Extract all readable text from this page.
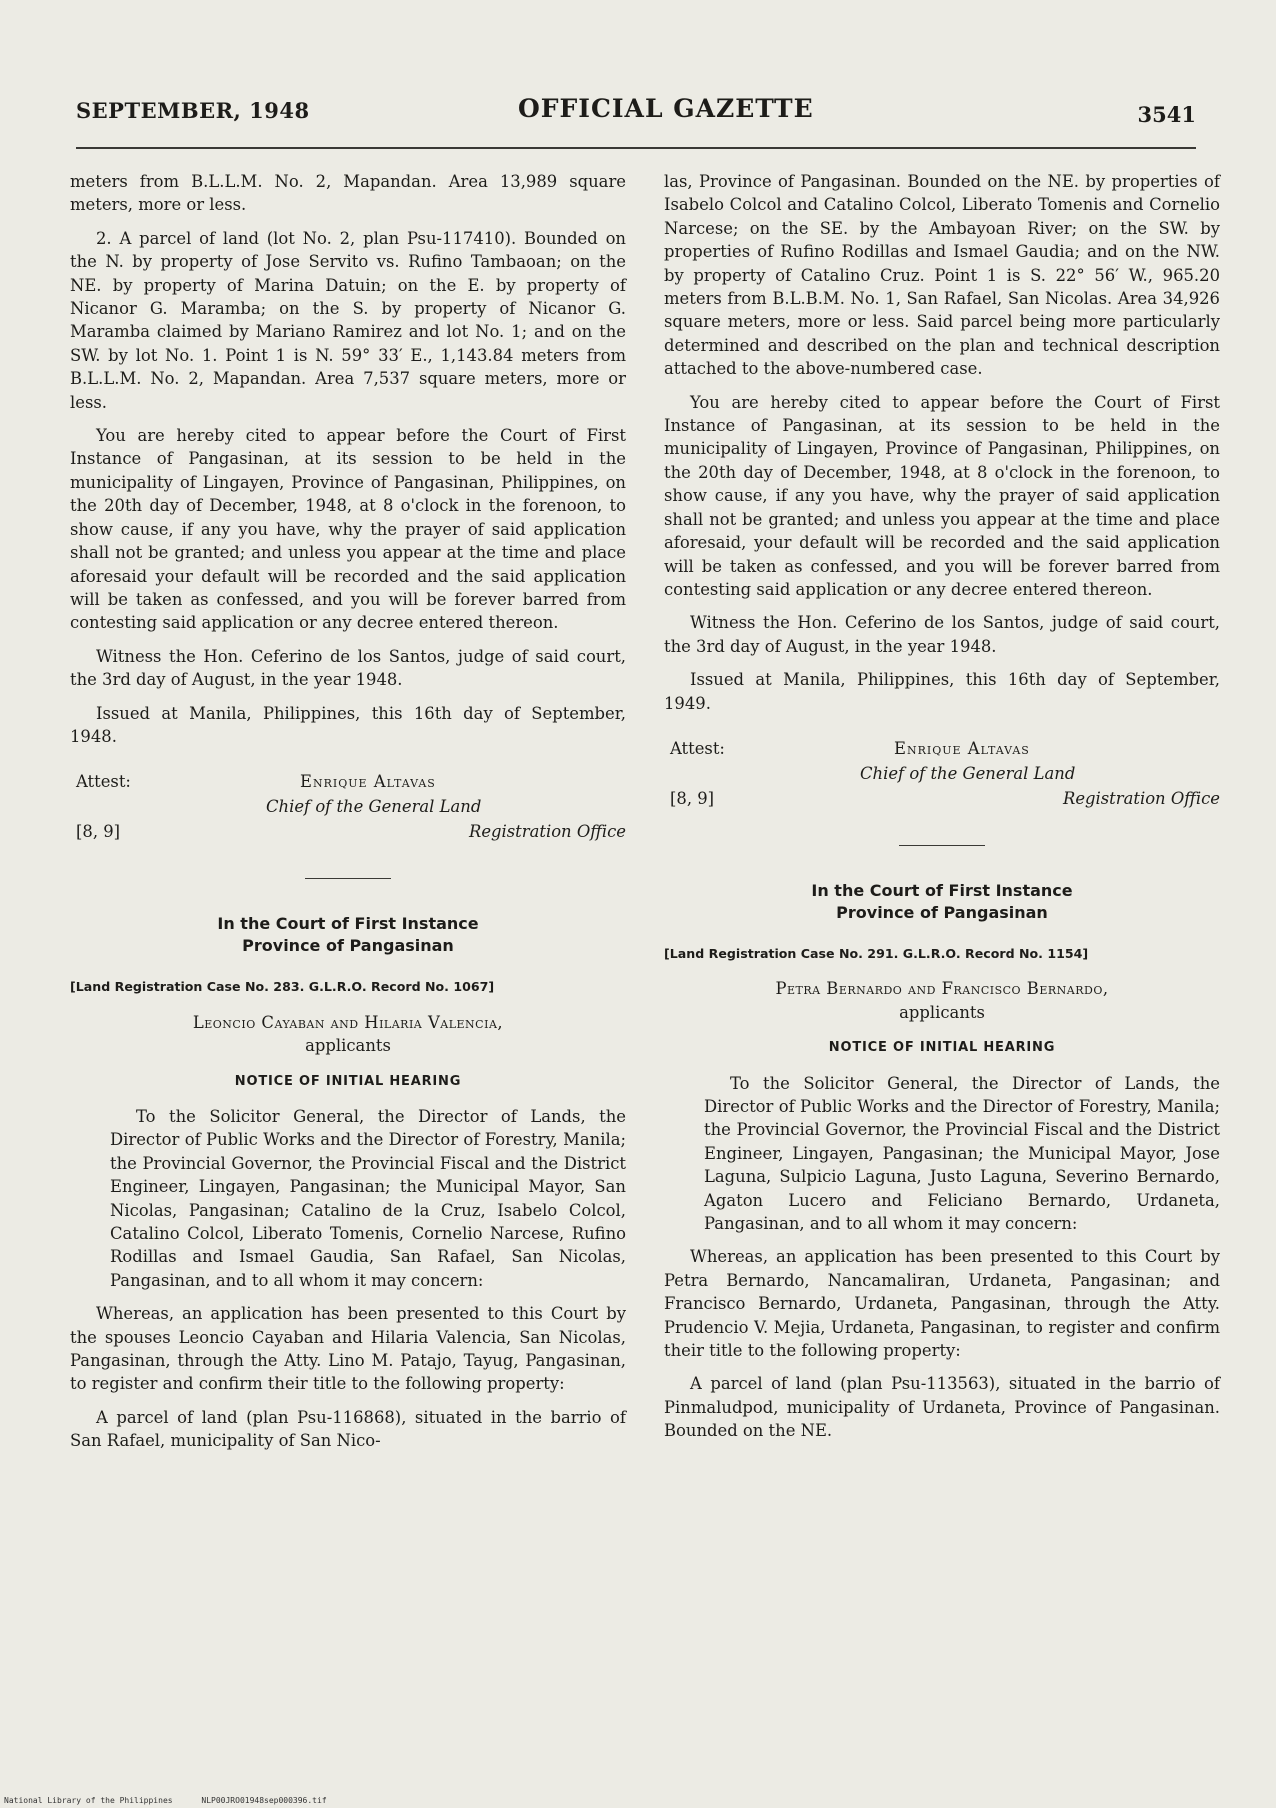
SEPTEMBER, 1948	OFFICIAL GAZETTE	3541

meters from B.L.L.M. No. 2, Mapandan. Area 13,989 square meters, more or less.

2. A parcel of land (lot No. 2, plan Psu-117410). Bounded on the N. by property of Jose Servito vs. Rufino Tambaoan; on the NE. by property of Marina Datuin; on the E. by property of Nicanor G. Maramba; on the S. by property of Nicanor G. Maramba claimed by Mariano Ramirez and lot No. 1; and on the SW. by lot No. 1. Point 1 is N. 59° 33′ E., 1,143.84 meters from B.L.L.M. No. 2, Mapandan. Area 7,537 square meters, more or less.

You are hereby cited to appear before the Court of First Instance of Pangasinan, at its session to be held in the municipality of Lingayen, Province of Pangasinan, Philippines, on the 20th day of December, 1948, at 8 o'clock in the forenoon, to show cause, if any you have, why the prayer of said application shall not be granted; and unless you appear at the time and place aforesaid your default will be recorded and the said application will be taken as confessed, and you will be forever barred from contesting said application or any decree entered thereon.

Witness the Hon. Ceferino de los Santos, judge of said court, the 3rd day of August, in the year 1948.

Issued at Manila, Philippines, this 16th day of September, 1948.

Attest:	Enrique Altavas
Chief of the General Land
[8, 9]	Registration Office
In the Court of First Instance
Province of Pangasinan
[Land Registration Case No. 283. G.L.R.O. Record No. 1067]
Leoncio Cayaban and Hilaria Valencia,
applicants
NOTICE OF INITIAL HEARING

To the Solicitor General, the Director of Lands, the Director of Public Works and the Director of Forestry, Manila; the Provincial Governor, the Provincial Fiscal and the District Engineer, Lingayen, Pangasinan; the Municipal Mayor, San Nicolas, Pangasinan; Catalino de la Cruz, Isabelo Colcol, Catalino Colcol, Liberato Tomenis, Cornelio Narcese, Rufino Rodillas and Ismael Gaudia, San Rafael, San Nicolas, Pangasinan, and to all whom it may concern:

Whereas, an application has been presented to this Court by the spouses Leoncio Cayaban and Hilaria Valencia, San Nicolas, Pangasinan, through the Atty. Lino M. Patajo, Tayug, Pangasinan, to register and confirm their title to the following property:

A parcel of land (plan Psu-116868), situated in the barrio of San Rafael, municipality of San Nico-

las, Province of Pangasinan. Bounded on the NE. by properties of Isabelo Colcol and Catalino Colcol, Liberato Tomenis and Cornelio Narcese; on the SE. by the Ambayoan River; on the SW. by properties of Rufino Rodillas and Ismael Gaudia; and on the NW. by property of Catalino Cruz. Point 1 is S. 22° 56′ W., 965.20 meters from B.L.B.M. No. 1, San Rafael, San Nicolas. Area 34,926 square meters, more or less. Said parcel being more particularly determined and described on the plan and technical description attached to the above-numbered case.

You are hereby cited to appear before the Court of First Instance of Pangasinan, at its session to be held in the municipality of Lingayen, Province of Pangasinan, Philippines, on the 20th day of December, 1948, at 8 o'clock in the forenoon, to show cause, if any you have, why the prayer of said application shall not be granted; and unless you appear at the time and place aforesaid, your default will be recorded and the said application will be taken as confessed, and you will be forever barred from contesting said application or any decree entered thereon.

Witness the Hon. Ceferino de los Santos, judge of said court, the 3rd day of August, in the year 1948.

Issued at Manila, Philippines, this 16th day of September, 1949.

Attest:	Enrique Altavas
Chief of the General Land
[8, 9]	Registration Office
In the Court of First Instance
Province of Pangasinan
[Land Registration Case No. 291. G.L.R.O. Record No. 1154]
Petra Bernardo and Francisco Bernardo,
applicants
NOTICE OF INITIAL HEARING

To the Solicitor General, the Director of Lands, the Director of Public Works and the Director of Forestry, Manila; the Provincial Governor, the Provincial Fiscal and the District Engineer, Lingayen, Pangasinan; the Municipal Mayor, Jose Laguna, Sulpicio Laguna, Justo Laguna, Severino Bernardo, Agaton Lucero and Feliciano Bernardo, Urdaneta, Pangasinan, and to all whom it may concern:

Whereas, an application has been presented to this Court by Petra Bernardo, Nancamaliran, Urdaneta, Pangasinan; and Francisco Bernardo, Urdaneta, Pangasinan, through the Atty. Prudencio V. Mejia, Urdaneta, Pangasinan, to register and confirm their title to the following property:

A parcel of land (plan Psu-113563), situated in the barrio of Pinmaludpod, municipality of Urdaneta, Province of Pangasinan. Bounded on the NE.

National Library of the Philippines	NLP00JRO01948sep000396.tif
